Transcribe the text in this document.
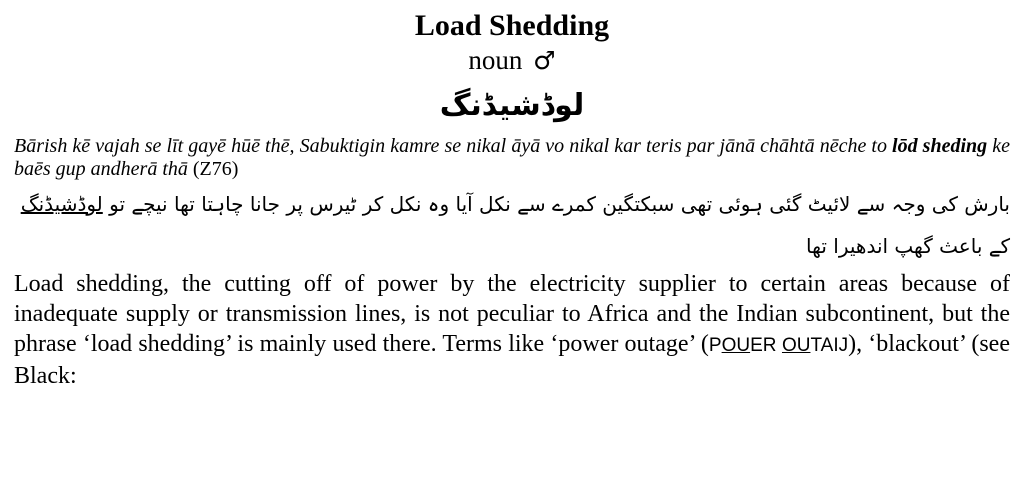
Load Shedding
noun ♂
لوڈشیڈنگ
Bārish kē vajah se līt gayē hūē thē, Sabuktigin kamre se nikal āyā vo nikal kar teris par jānā chāhtā nēche to lōd sheding ke baēs gup andherā thā (Z76)
بارش کی وجہ سے لائیٹ گئی ہوئی تھی سبکتگین کمرے سے نکل آیا وہ نکل کر ٹیرس پر جانا چاہتا تھا نیچے تو لوڈشیڈنگ کے باعث گھپ اندھیرا تھا
Load shedding, the cutting off of power by the electricity supplier to certain areas because of inadequate supply or transmission lines, is not peculiar to Africa and the Indian subcontinent, but the phrase ‘load shedding’ is mainly used there. Terms like ‘power outage’ (POUER OUTAIJ), ‘blackout’ (see Black:
